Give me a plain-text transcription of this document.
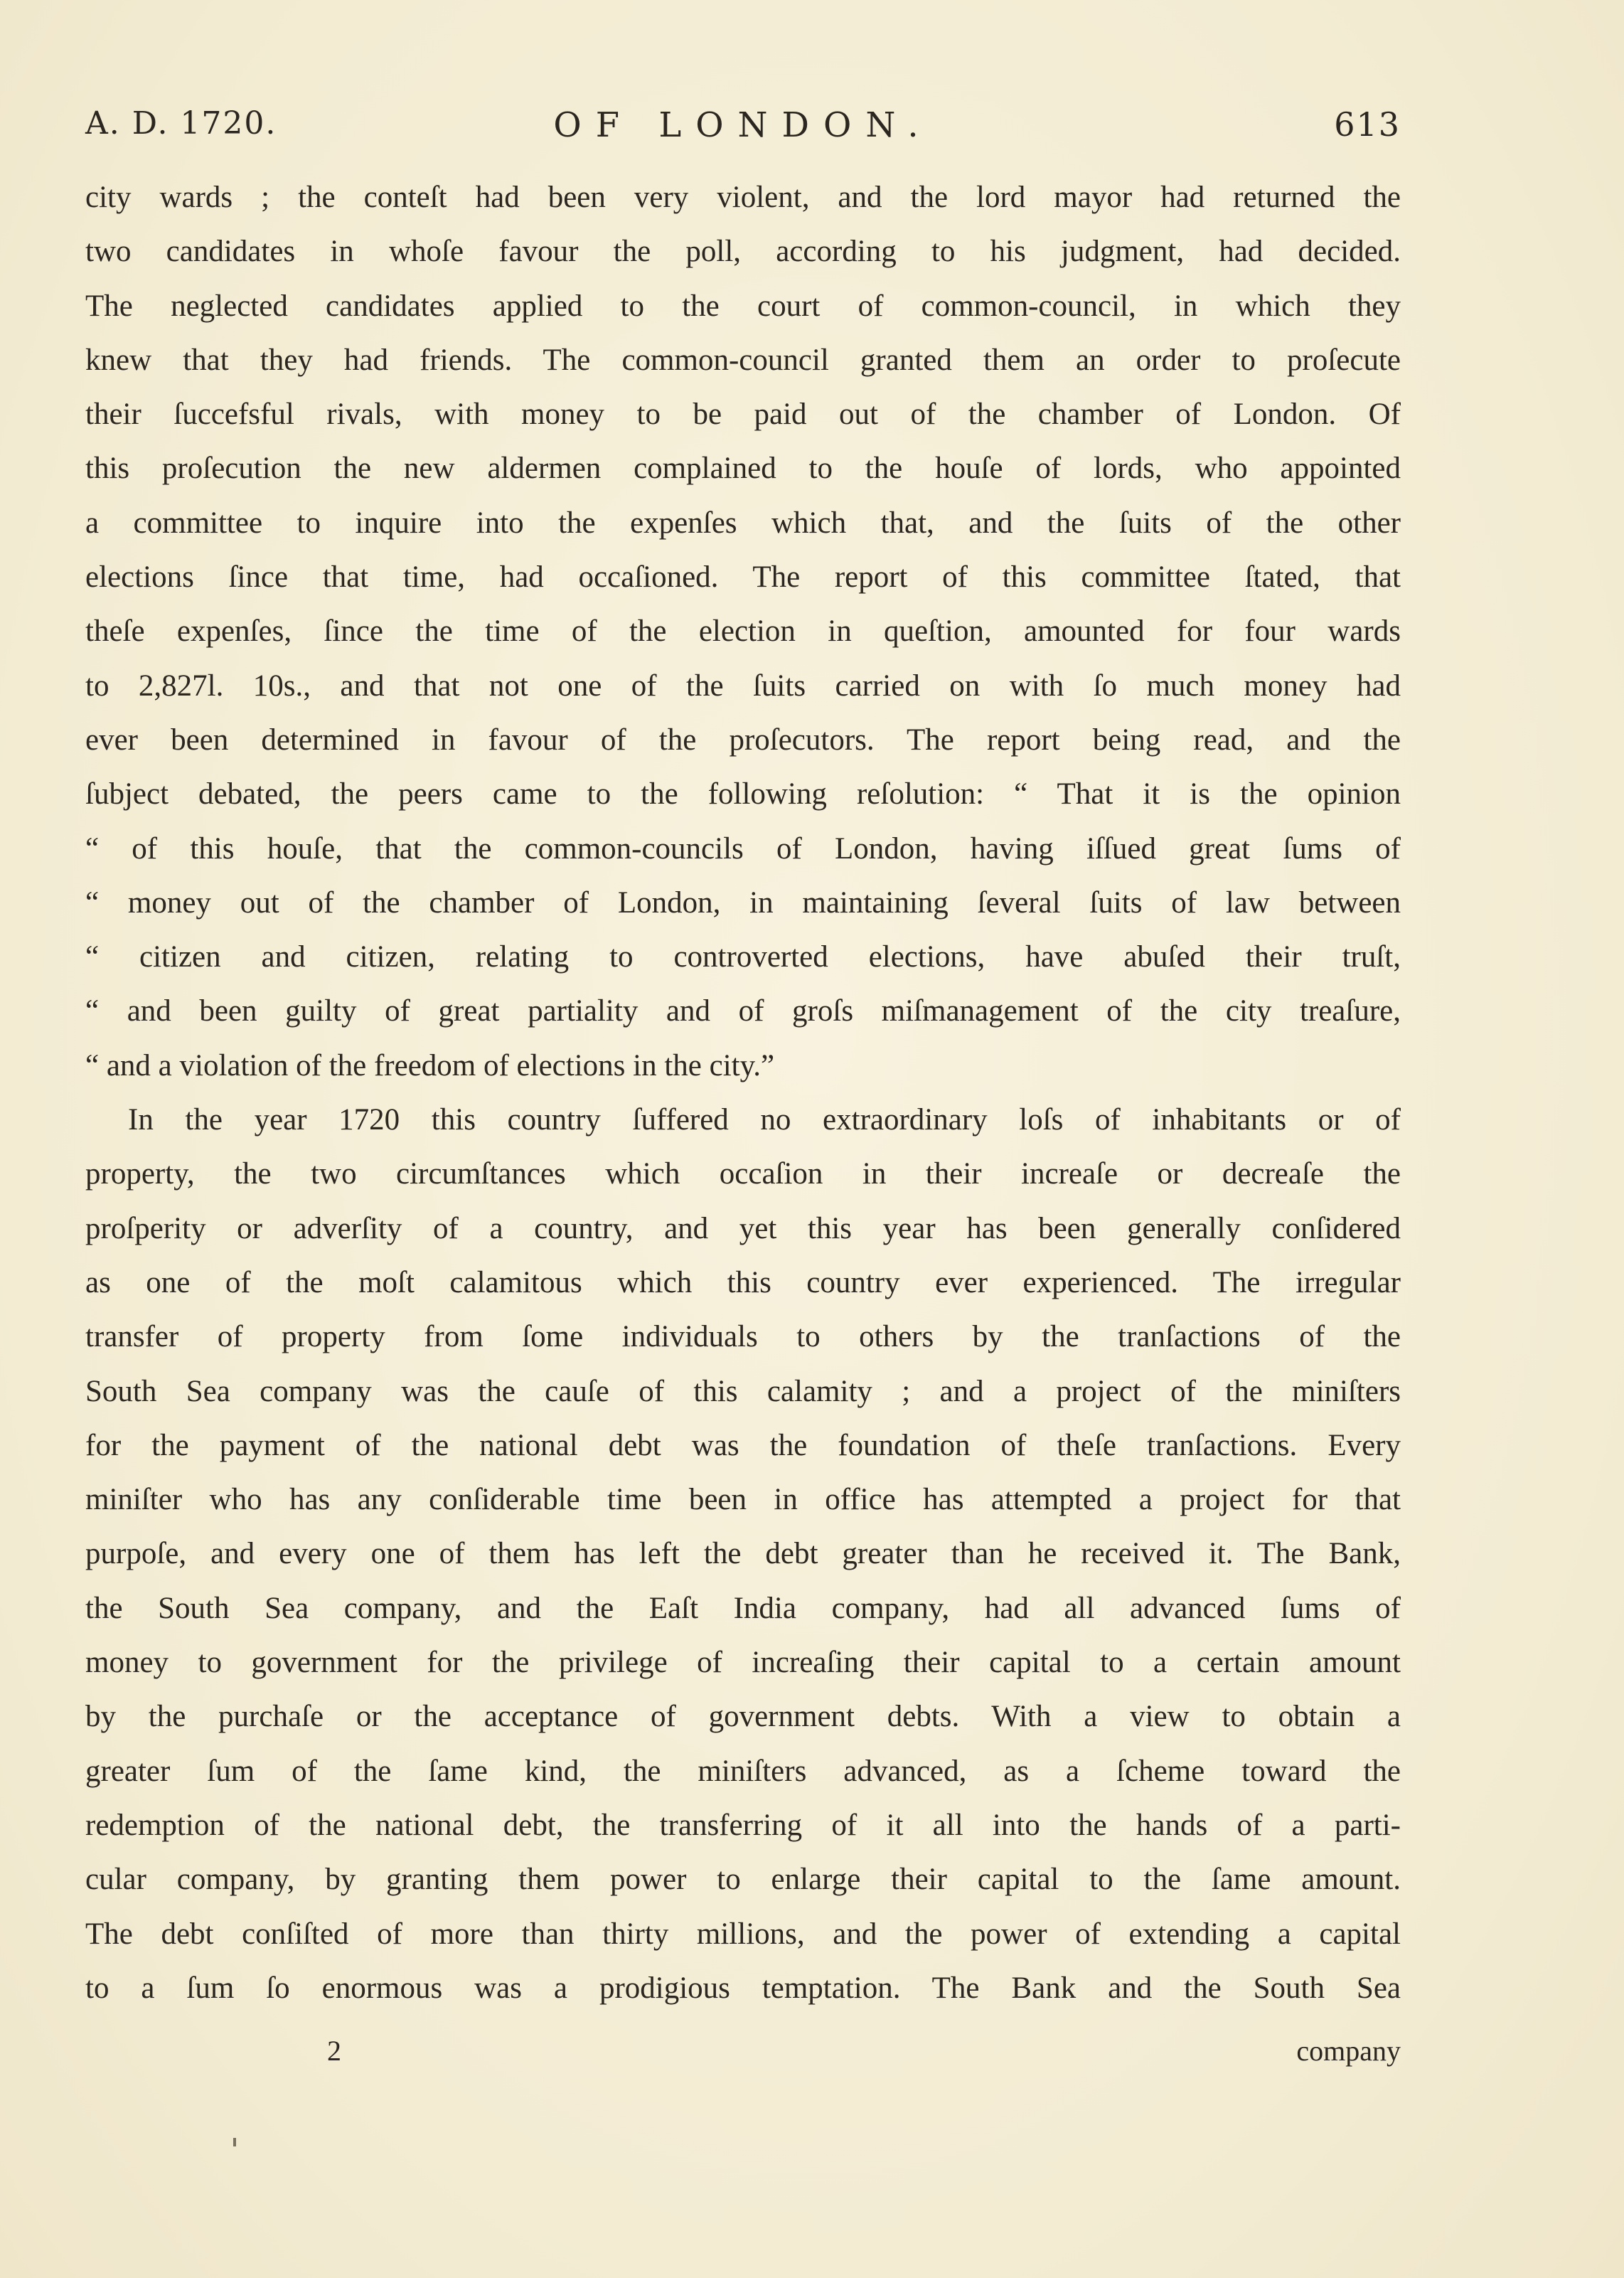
A. D. 1720.	OF LONDON.	613
city wards ; the conteſt had been very violent, and the lord mayor had returned the
two candidates in whoſe favour the poll, according to his judgment, had decided.
The neglected candidates applied to the court of common-council, in which they
knew that they had friends. The common-council granted them an order to proſecute
their ſuccefsful rivals, with money to be paid out of the chamber of London. Of
this proſecution the new aldermen complained to the houſe of lords, who appointed
a committee to inquire into the expenſes which that, and the ſuits of the other
elections ſince that time, had occaſioned. The report of this committee ſtated, that
theſe expenſes, ſince the time of the election in queſtion, amounted for four wards
to 2,827l. 10s., and that not one of the ſuits carried on with ſo much money had
ever been determined in favour of the proſecutors. The report being read, and the
ſubject debated, the peers came to the following reſolution: “ That it is the opinion
“ of this houſe, that the common-councils of London, having iſſued great ſums of
“ money out of the chamber of London, in maintaining ſeveral ſuits of law between
“ citizen and citizen, relating to controverted elections, have abuſed their truſt,
“ and been guilty of great partiality and of groſs miſmanagement of the city treaſure,
“ and a violation of the freedom of elections in the city.”
In the year 1720 this country ſuffered no extraordinary loſs of inhabitants or of
property, the two circumſtances which occaſion in their increaſe or decreaſe the
proſperity or adverſity of a country, and yet this year has been generally conſidered
as one of the moſt calamitous which this country ever experienced. The irregular
transfer of property from ſome individuals to others by the tranſactions of the
South Sea company was the cauſe of this calamity ; and a project of the miniſters
for the payment of the national debt was the foundation of theſe tranſactions. Every
miniſter who has any conſiderable time been in office has attempted a project for that
purpoſe, and every one of them has left the debt greater than he received it. The Bank,
the South Sea company, and the Eaſt India company, had all advanced ſums of
money to government for the privilege of increaſing their capital to a certain amount
by the purchaſe or the acceptance of government debts. With a view to obtain a
greater ſum of the ſame kind, the miniſters advanced, as a ſcheme toward the
redemption of the national debt, the transferring of it all into the hands of a parti-
cular company, by granting them power to enlarge their capital to the ſame amount.
The debt conſiſted of more than thirty millions, and the power of extending a capital
to a ſum ſo enormous was a prodigious temptation. The Bank and the South Sea
2	company
